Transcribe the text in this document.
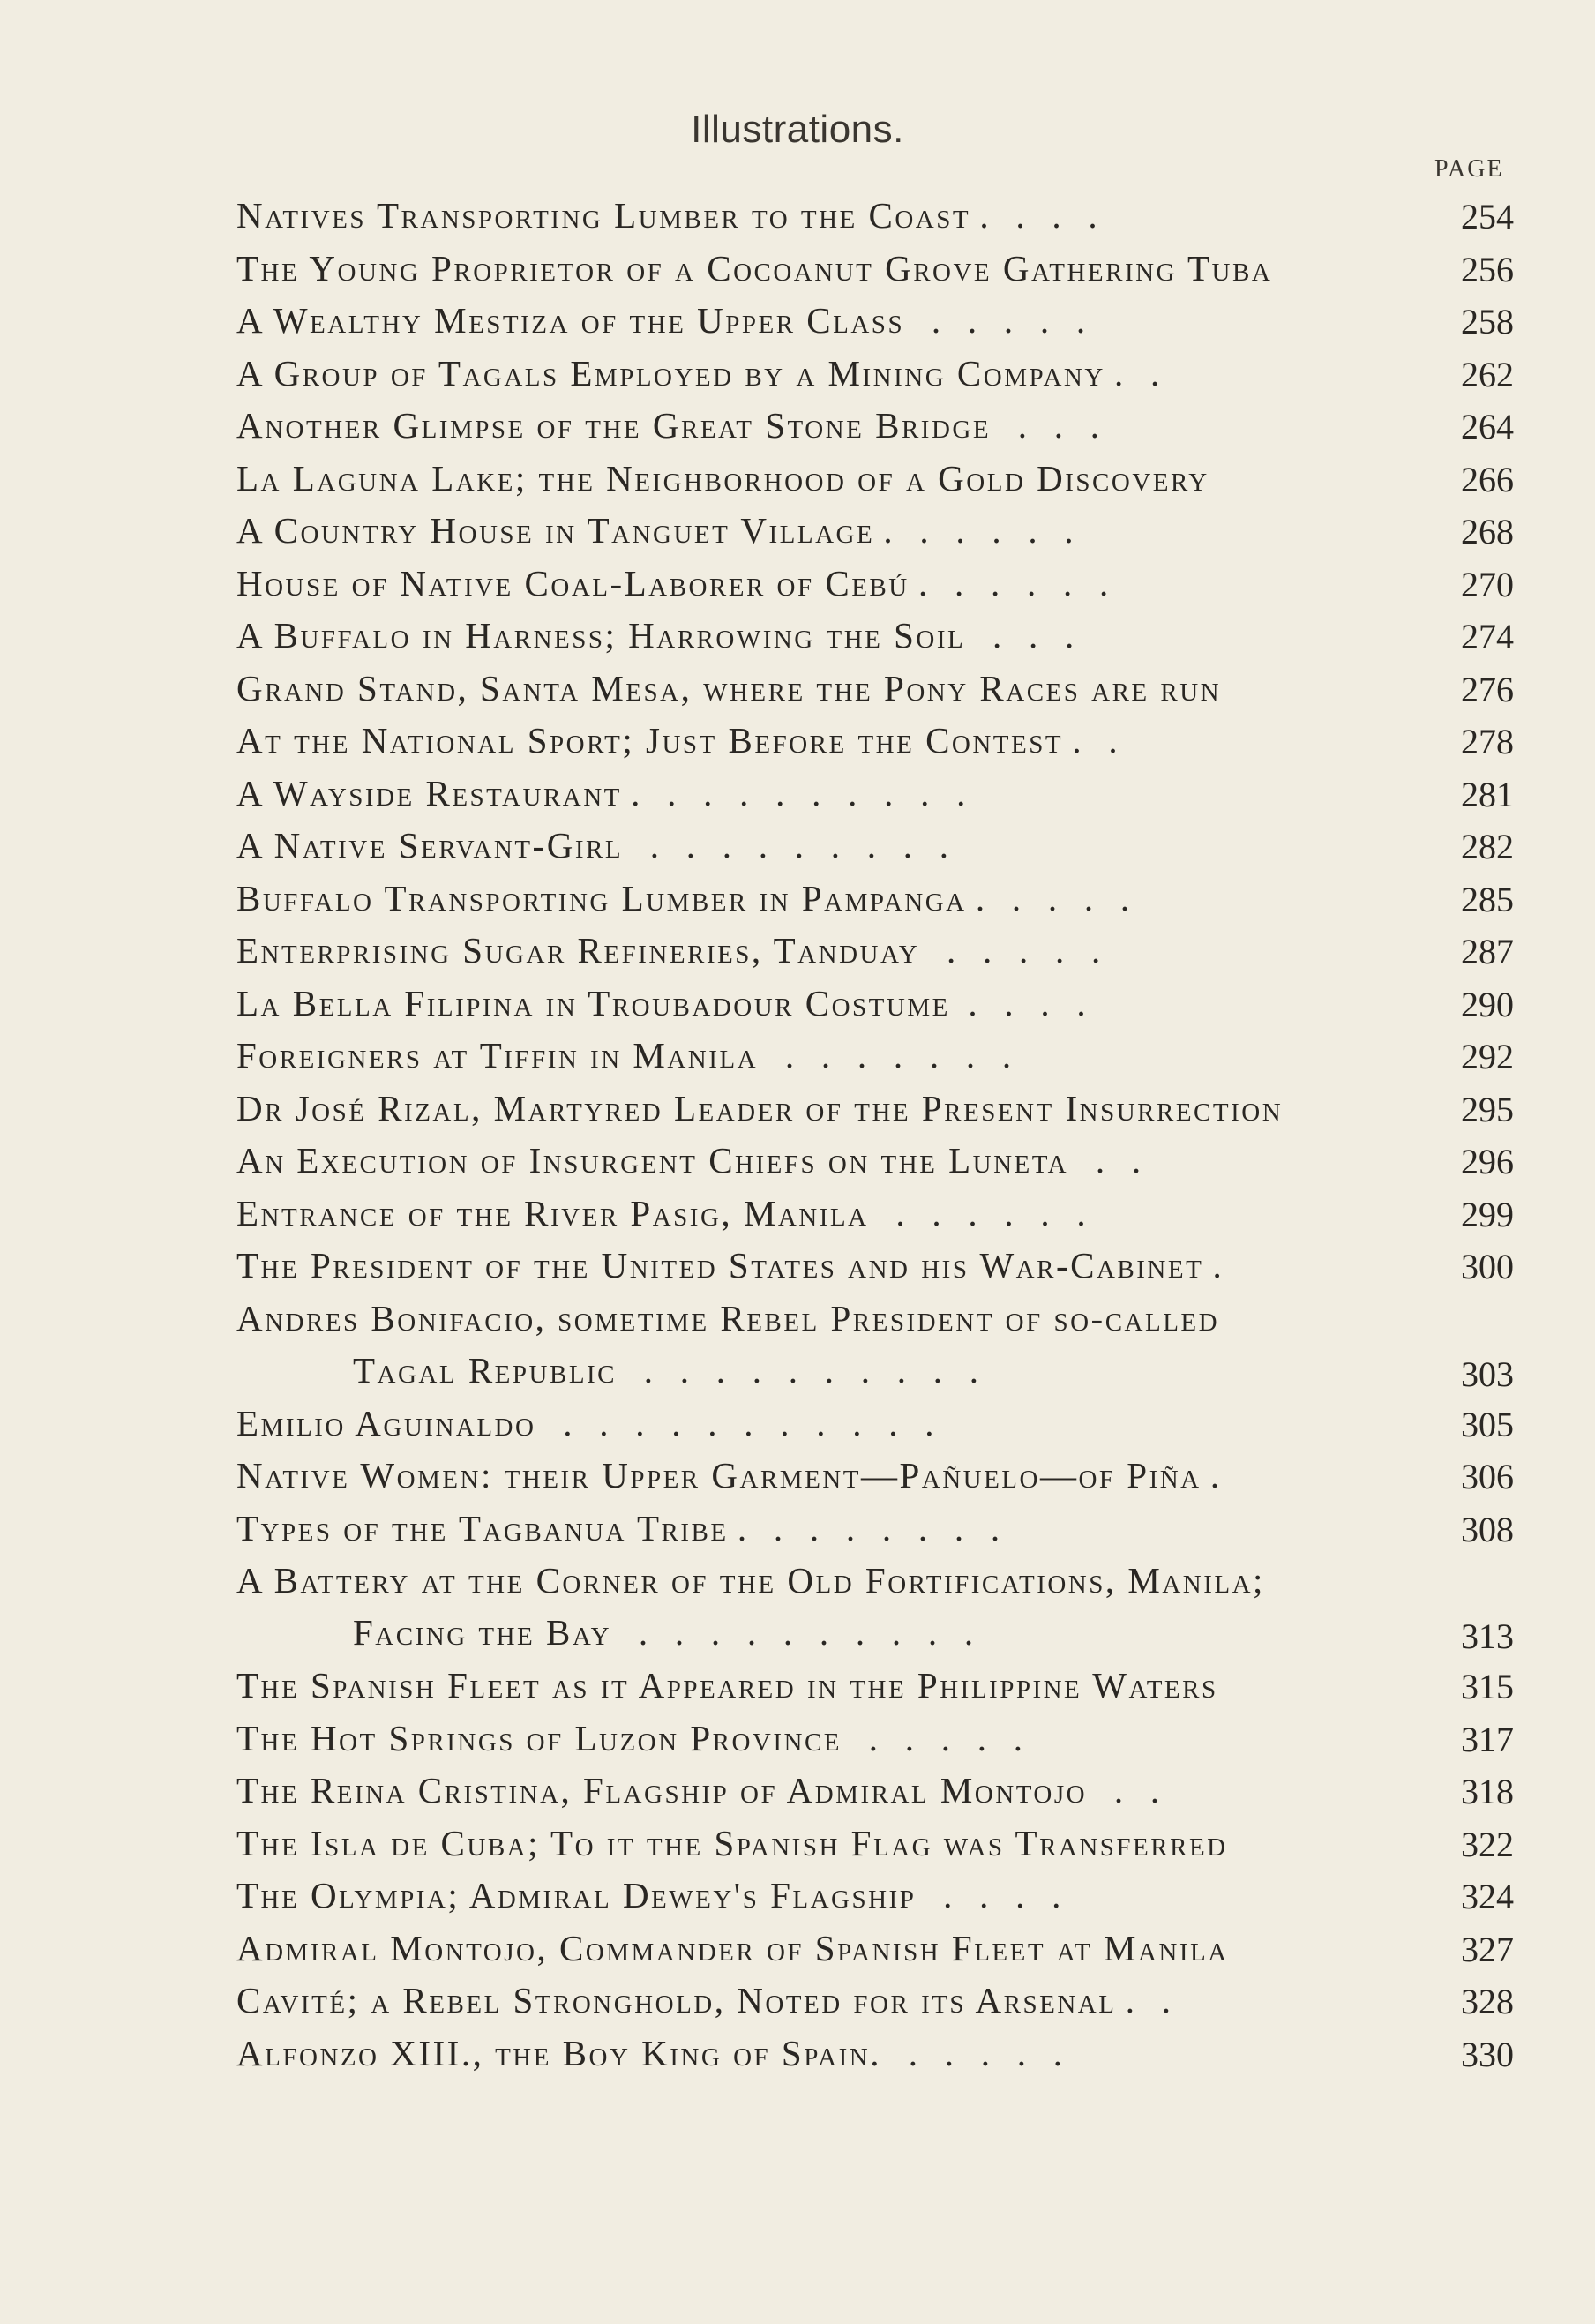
Illustrations.
PAGE
Natives Transporting Lumber to the Coast .   .   .   .	254
The Young Proprietor of a Cocoanut Grove Gathering Tuba	256
A Wealthy Mestiza of the Upper Class   .   .   .   .   .	258
A Group of Tagals Employed by a Mining Company .   .	262
Another Glimpse of the Great Stone Bridge   .   .   .	264
La Laguna Lake; the Neighborhood of a Gold Discovery	266
A Country House in Tanguet Village .   .   .   .   .   .	268
House of Native Coal-Laborer of Cebú .   .   .   .   .   .	270
A Buffalo in Harness; Harrowing the Soil   .   .   .	274
Grand Stand, Santa Mesa, where the Pony Races are run	276
At the National Sport; Just Before the Contest .   .	278
A Wayside Restaurant .   .   .   .   .   .   .   .   .   .	281
A Native Servant-Girl   .   .   .   .   .   .   .   .   .	282
Buffalo Transporting Lumber in Pampanga .   .   .   .   .	285
Enterprising Sugar Refineries, Tanduay   .   .   .   .   .	287
La Bella Filipina in Troubadour Costume  .   .   .   .	290
Foreigners at Tiffin in Manila   .   .   .   .   .   .   .	292
Dr José Rizal, Martyred Leader of the Present Insurrection	295
An Execution of Insurgent Chiefs on the Luneta   .   .	296
Entrance of the River Pasig, Manila   .   .   .   .   .   .	299
The President of the United States and his War-Cabinet .	300
Andres Bonifacio, sometime Rebel President of so-called
Tagal Republic   .   .   .   .   .   .   .   .   .   .	303
Emilio Aguinaldo   .   .   .   .   .   .   .   .   .   .   .	305
Native Women: their Upper Garment—Pañuelo—of Piña .	306
Types of the Tagbanua Tribe .   .   .   .   .   .   .   .	308
A Battery at the Corner of the Old Fortifications, Manila;
Facing the Bay   .   .   .   .   .   .   .   .   .   .	313
The Spanish Fleet as it Appeared in the Philippine Waters	315
The Hot Springs of Luzon Province   .   .   .   .   .	317
The Reina Cristina, Flagship of Admiral Montojo   .   .	318
The Isla de Cuba; To it the Spanish Flag was Transferred	322
The Olympia; Admiral Dewey's Flagship   .   .   .   .	324
Admiral Montojo, Commander of Spanish Fleet at Manila	327
Cavité; a Rebel Stronghold, Noted for its Arsenal .   .	328
Alfonzo XIII., the Boy King of Spain.   .   .   .   .   .	330
